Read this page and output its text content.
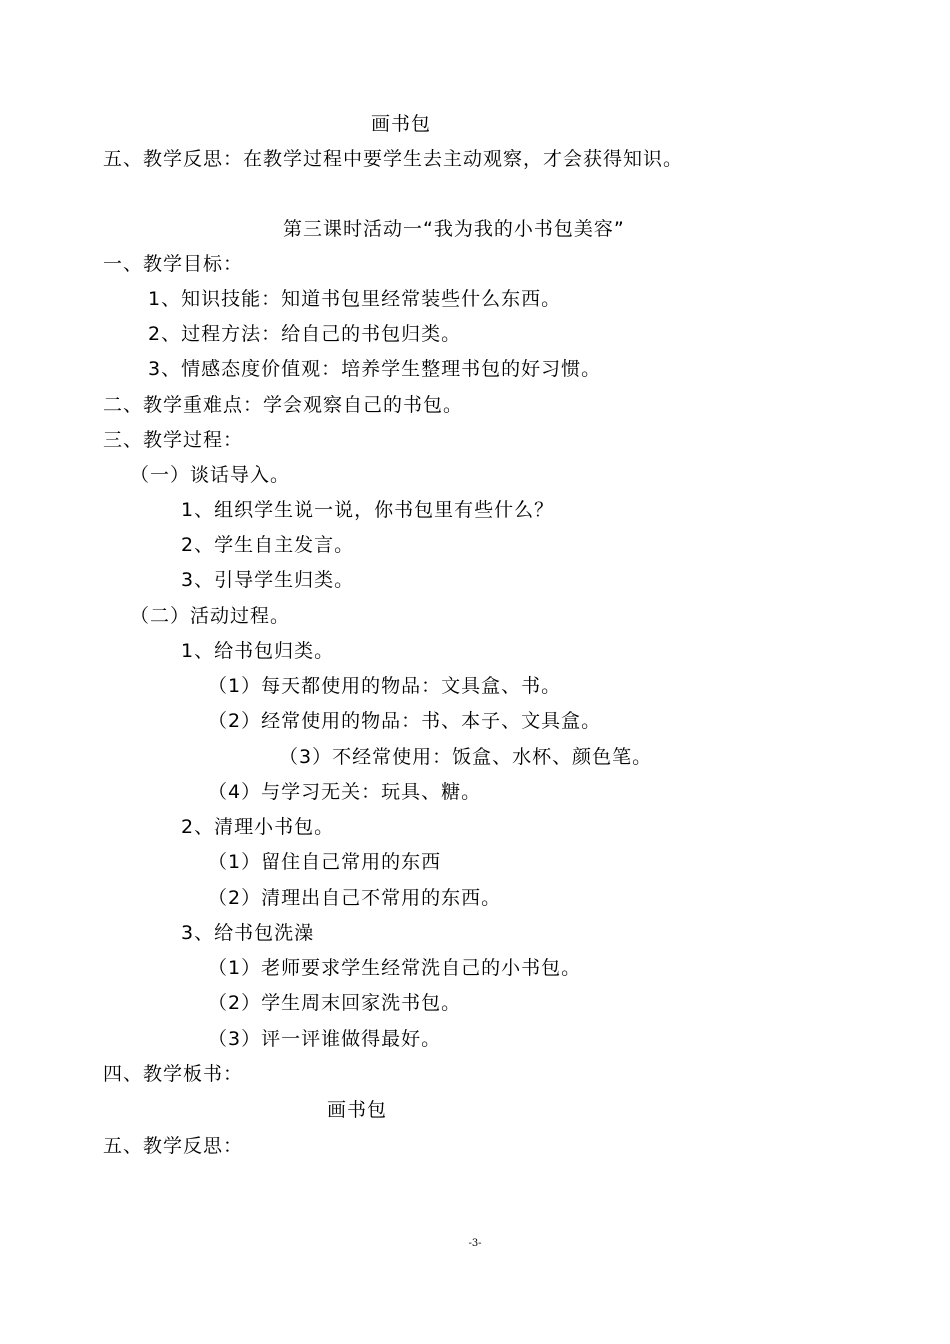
画书包
五、教学反思：在教学过程中要学生去主动观察，才会获得知识。
第三课时活动一“我为我的小书包美容”
一、教学目标：
1、知识技能：知道书包里经常装些什么东西。
2、过程方法：给自己的书包归类。
3、情感态度价值观：培养学生整理书包的好习惯。
二、教学重难点：学会观察自己的书包。
三、教学过程：
（一）谈话导入。
1、组织学生说一说，你书包里有些什么？
2、学生自主发言。
3、引导学生归类。
（二）活动过程。
1、给书包归类。
（1）每天都使用的物品：文具盒、书。
（2）经常使用的物品：书、本子、文具盒。
（3）不经常使用：饭盒、水杯、颜色笔。
（4）与学习无关：玩具、糖。
2、清理小书包。
（1）留住自己常用的东西
（2）清理出自己不常用的东西。
3、给书包洗澡
（1）老师要求学生经常洗自己的小书包。
（2）学生周末回家洗书包。
（3）评一评谁做得最好。
四、教学板书：
画书包
五、教学反思：
-3-
